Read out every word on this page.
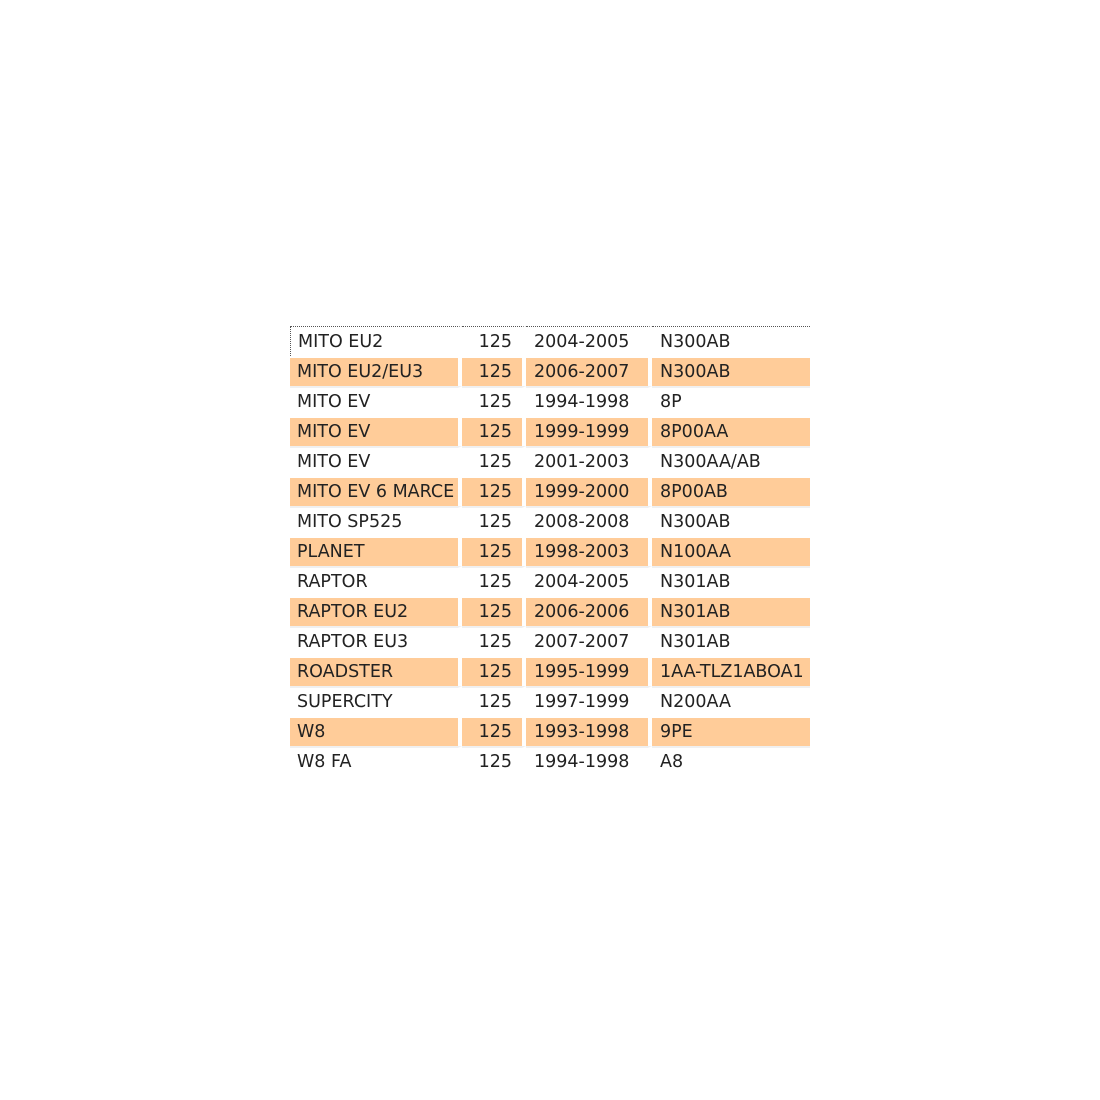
MITO EU2	125	2004-2005	N300AB
MITO EU2/EU3	125	2006-2007	N300AB
MITO EV	125	1994-1998	8P
MITO EV	125	1999-1999	8P00AA
MITO EV	125	2001-2003	N300AA/AB
MITO EV 6 MARCE	125	1999-2000	8P00AB
MITO SP525	125	2008-2008	N300AB
PLANET	125	1998-2003	N100AA
RAPTOR	125	2004-2005	N301AB
RAPTOR EU2	125	2006-2006	N301AB
RAPTOR EU3	125	2007-2007	N301AB
ROADSTER	125	1995-1999	1AA-TLZ1ABOA1
SUPERCITY	125	1997-1999	N200AA
W8	125	1993-1998	9PE
W8 FA	125	1994-1998	A8
